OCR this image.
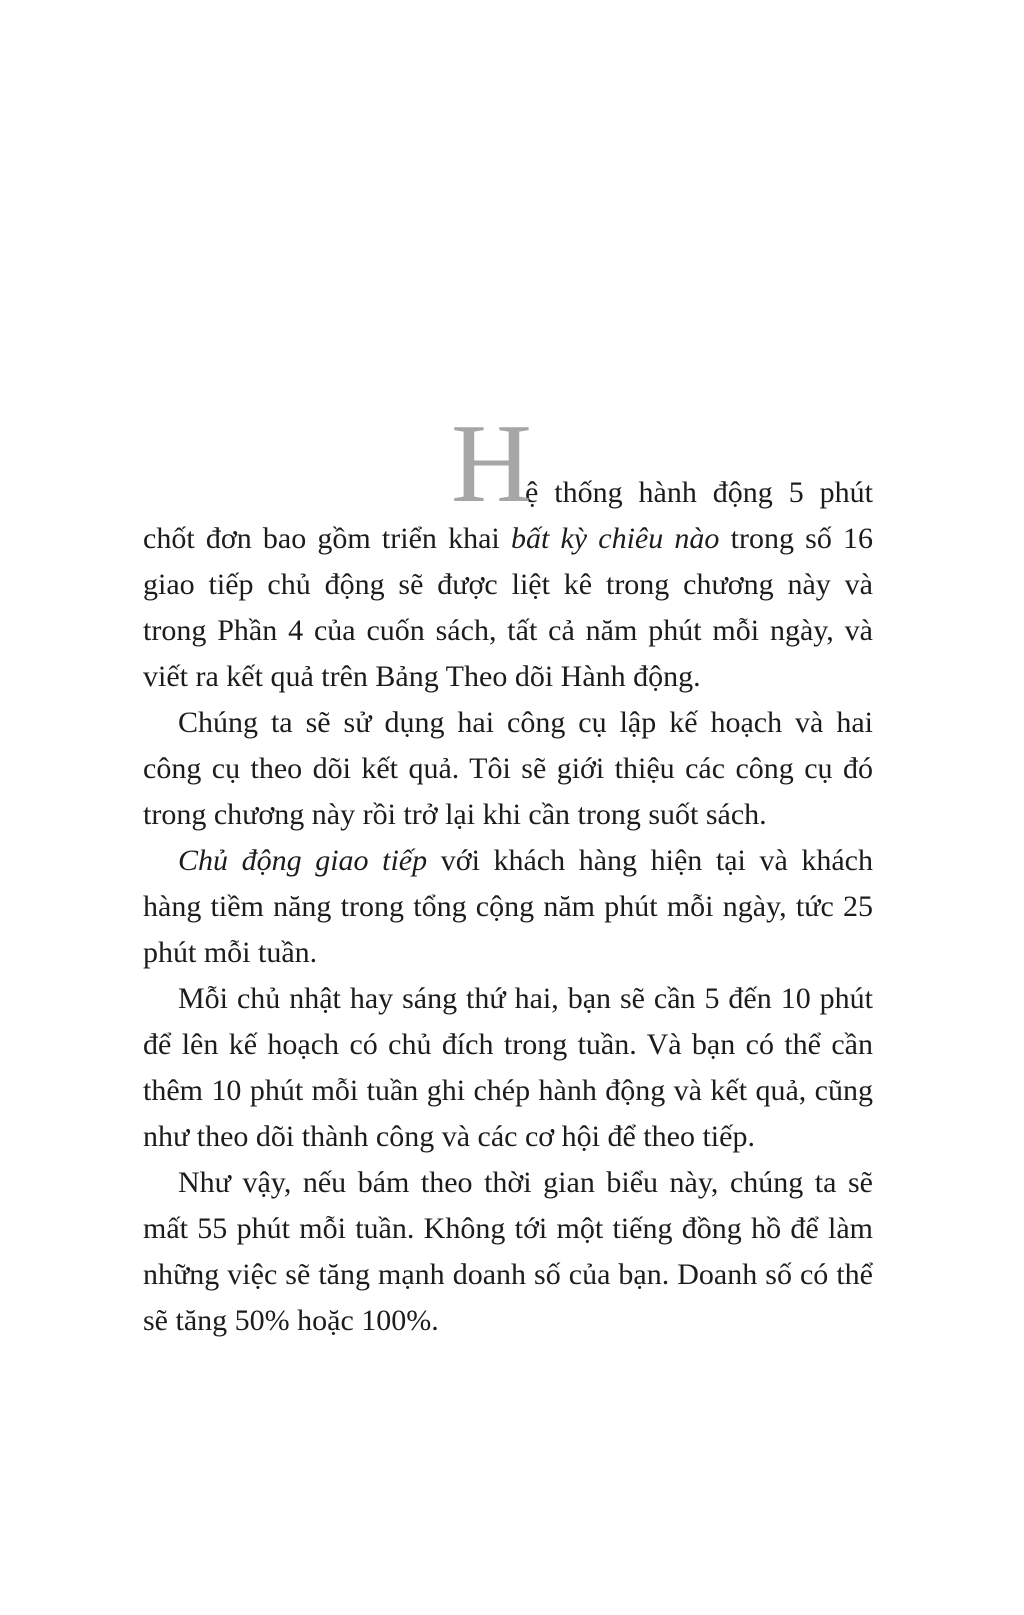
H
ệ thống hành động 5 phút chốt đơn bao gồm triển khai bất kỳ chiêu nào trong số 16 giao tiếp chủ động sẽ được liệt kê trong chương này và trong Phần 4 của cuốn sách, tất cả năm phút mỗi ngày, và viết ra kết quả trên Bảng Theo dõi Hành động.

Chúng ta sẽ sử dụng hai công cụ lập kế hoạch và hai công cụ theo dõi kết quả. Tôi sẽ giới thiệu các công cụ đó trong chương này rồi trở lại khi cần trong suốt sách.

Chủ động giao tiếp với khách hàng hiện tại và khách hàng tiềm năng trong tổng cộng năm phút mỗi ngày, tức 25 phút mỗi tuần.

Mỗi chủ nhật hay sáng thứ hai, bạn sẽ cần 5 đến 10 phút để lên kế hoạch có chủ đích trong tuần. Và bạn có thể cần thêm 10 phút mỗi tuần ghi chép hành động và kết quả, cũng như theo dõi thành công và các cơ hội để theo tiếp.

Như vậy, nếu bám theo thời gian biểu này, chúng ta sẽ mất 55 phút mỗi tuần. Không tới một tiếng đồng hồ để làm những việc sẽ tăng mạnh doanh số của bạn. Doanh số có thể sẽ tăng 50% hoặc 100%.
